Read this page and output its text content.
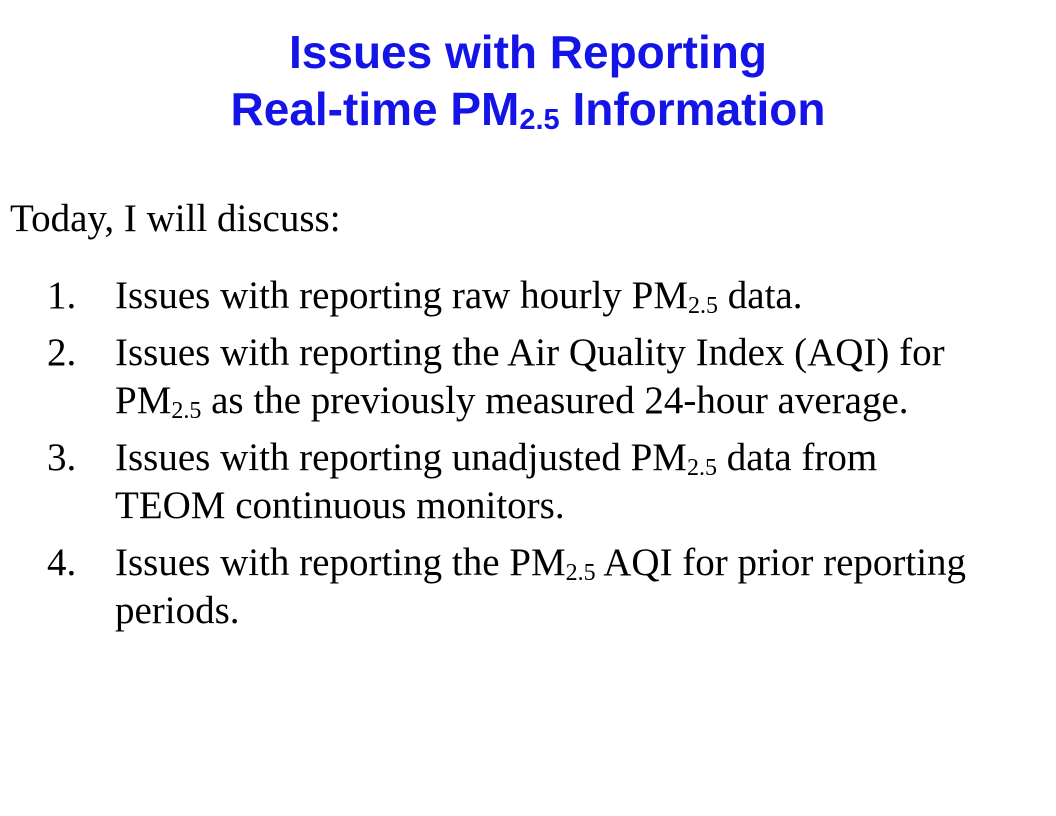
Issues with Reporting
Real-time $PM_{2.5}$ Information

Today, I will discuss:

1. Issues with reporting raw hourly $PM_{2.5}$ data.
2. Issues with reporting the Air Quality Index (AQI) for $PM_{2.5}$ as the previously measured 24-hour average.
3. Issues with reporting unadjusted $PM_{2.5}$ data from TEOM continuous monitors.
4. Issues with reporting the $PM_{2.5}$ AQI for prior reporting periods.
